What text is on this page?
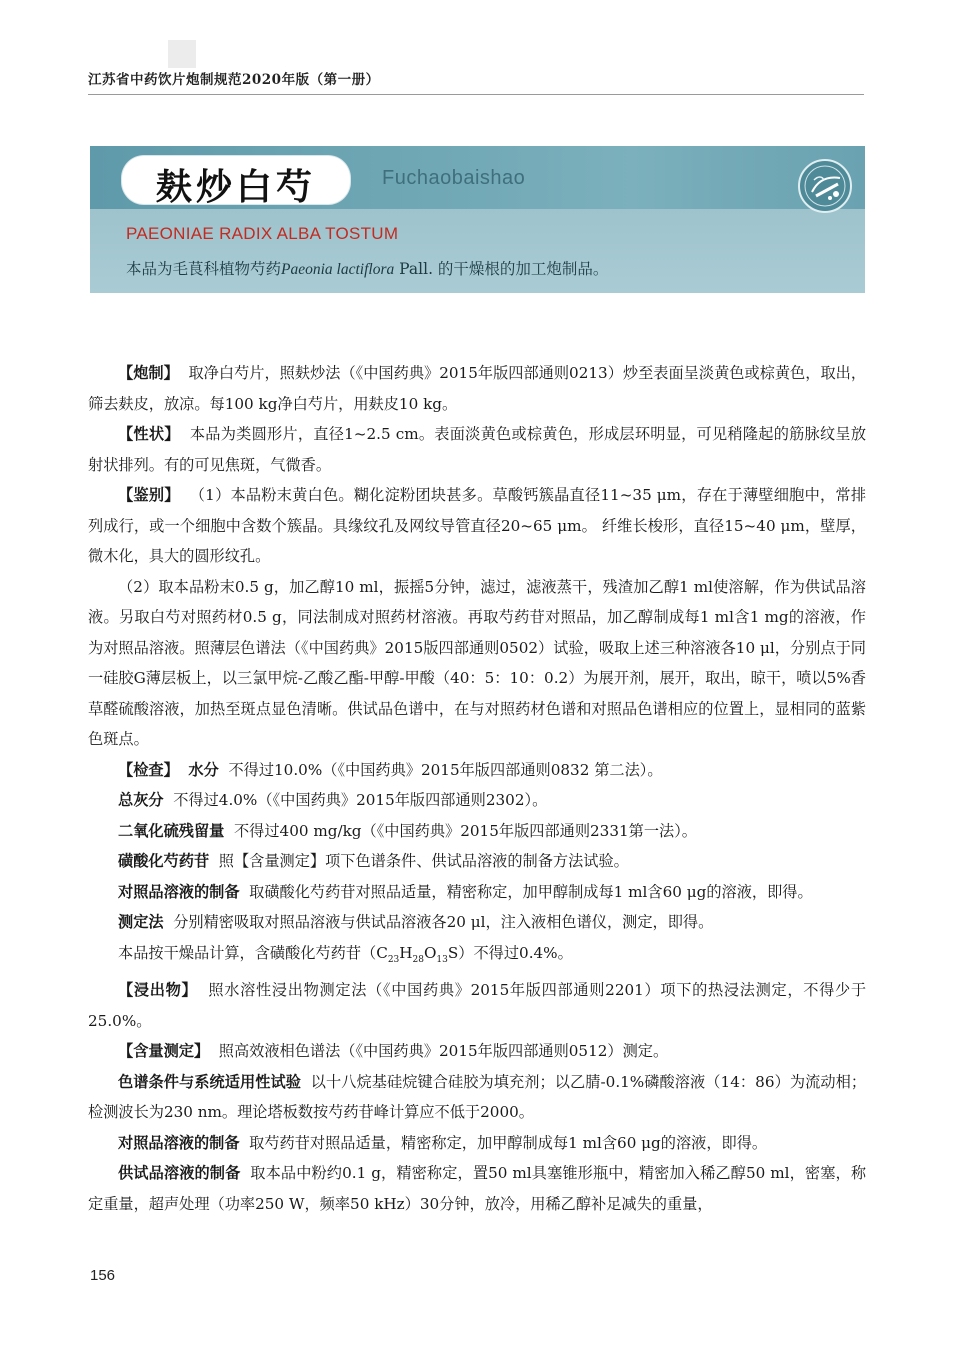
江苏省中药饮片炮制规范2020年版（第一册）
麸炒白芍	Fuchaobaishao
PAEONIAE RADIX ALBA TOSTUM
本品为毛茛科植物芍药Paeonia lactiflora Pall. 的干燥根的加工炮制品。

【炮制】 取净白芍片，照麸炒法（《中国药典》2015年版四部通则0213）炒至表面呈淡黄色或棕黄色，取出，筛去麸皮，放凉。每100 kg净白芍片，用麸皮10 kg。

【性状】 本品为类圆形片，直径1~2.5 cm。表面淡黄色或棕黄色，形成层环明显，可见稍隆起的筋脉纹呈放射状排列。有的可见焦斑，气微香。

【鉴别】 （1）本品粉末黄白色。糊化淀粉团块甚多。草酸钙簇晶直径11~35 μm，存在于薄壁细胞中，常排列成行，或一个细胞中含数个簇晶。具缘纹孔及网纹导管直径20~65 μm。 纤维长梭形，直径15~40 μm，壁厚，微木化，具大的圆形纹孔。

（2）取本品粉末0.5 g，加乙醇10 ml，振摇5分钟，滤过，滤液蒸干，残渣加乙醇1 ml使溶解，作为供试品溶液。另取白芍对照药材0.5 g，同法制成对照药材溶液。再取芍药苷对照品，加乙醇制成每1 ml含1 mg的溶液，作为对照品溶液。照薄层色谱法（《中国药典》2015版四部通则0502）试验，吸取上述三种溶液各10 μl，分别点于同一硅胶G薄层板上，以三氯甲烷-乙酸乙酯-甲醇-甲酸（40：5：10：0.2）为展开剂，展开，取出，晾干，喷以5%香草醛硫酸溶液，加热至斑点显色清晰。供试品色谱中，在与对照药材色谱和对照品色谱相应的位置上，显相同的蓝紫色斑点。

【检查】 水分 不得过10.0%（《中国药典》2015年版四部通则0832 第二法）。

总灰分 不得过4.0%（《中国药典》2015年版四部通则2302）。

二氧化硫残留量 不得过400 mg/kg（《中国药典》2015年版四部通则2331第一法）。

磺酸化芍药苷 照【含量测定】项下色谱条件、供试品溶液的制备方法试验。

对照品溶液的制备 取磺酸化芍药苷对照品适量，精密称定，加甲醇制成每1 ml含60 μg的溶液，即得。

测定法 分别精密吸取对照品溶液与供试品溶液各20 μl，注入液相色谱仪，测定，即得。

本品按干燥品计算，含磺酸化芍药苷$(C_{23}H_{28}O_{13}S)$不得过0.4%。

【浸出物】 照水溶性浸出物测定法（《中国药典》2015年版四部通则2201）项下的热浸法测定，不得少于25.0%。

【含量测定】 照高效液相色谱法（《中国药典》2015年版四部通则0512）测定。

色谱条件与系统适用性试验 以十八烷基硅烷键合硅胶为填充剂；以乙腈-0.1%磷酸溶液（14：86）为流动相；检测波长为230 nm。理论塔板数按芍药苷峰计算应不低于2000。

对照品溶液的制备 取芍药苷对照品适量，精密称定，加甲醇制成每1 ml含60 μg的溶液，即得。

供试品溶液的制备 取本品中粉约0.1 g，精密称定，置50 ml具塞锥形瓶中，精密加入稀乙醇50 ml，密塞，称定重量，超声处理（功率250 W，频率50 kHz）30分钟，放冷，用稀乙醇补足减失的重量，

156
